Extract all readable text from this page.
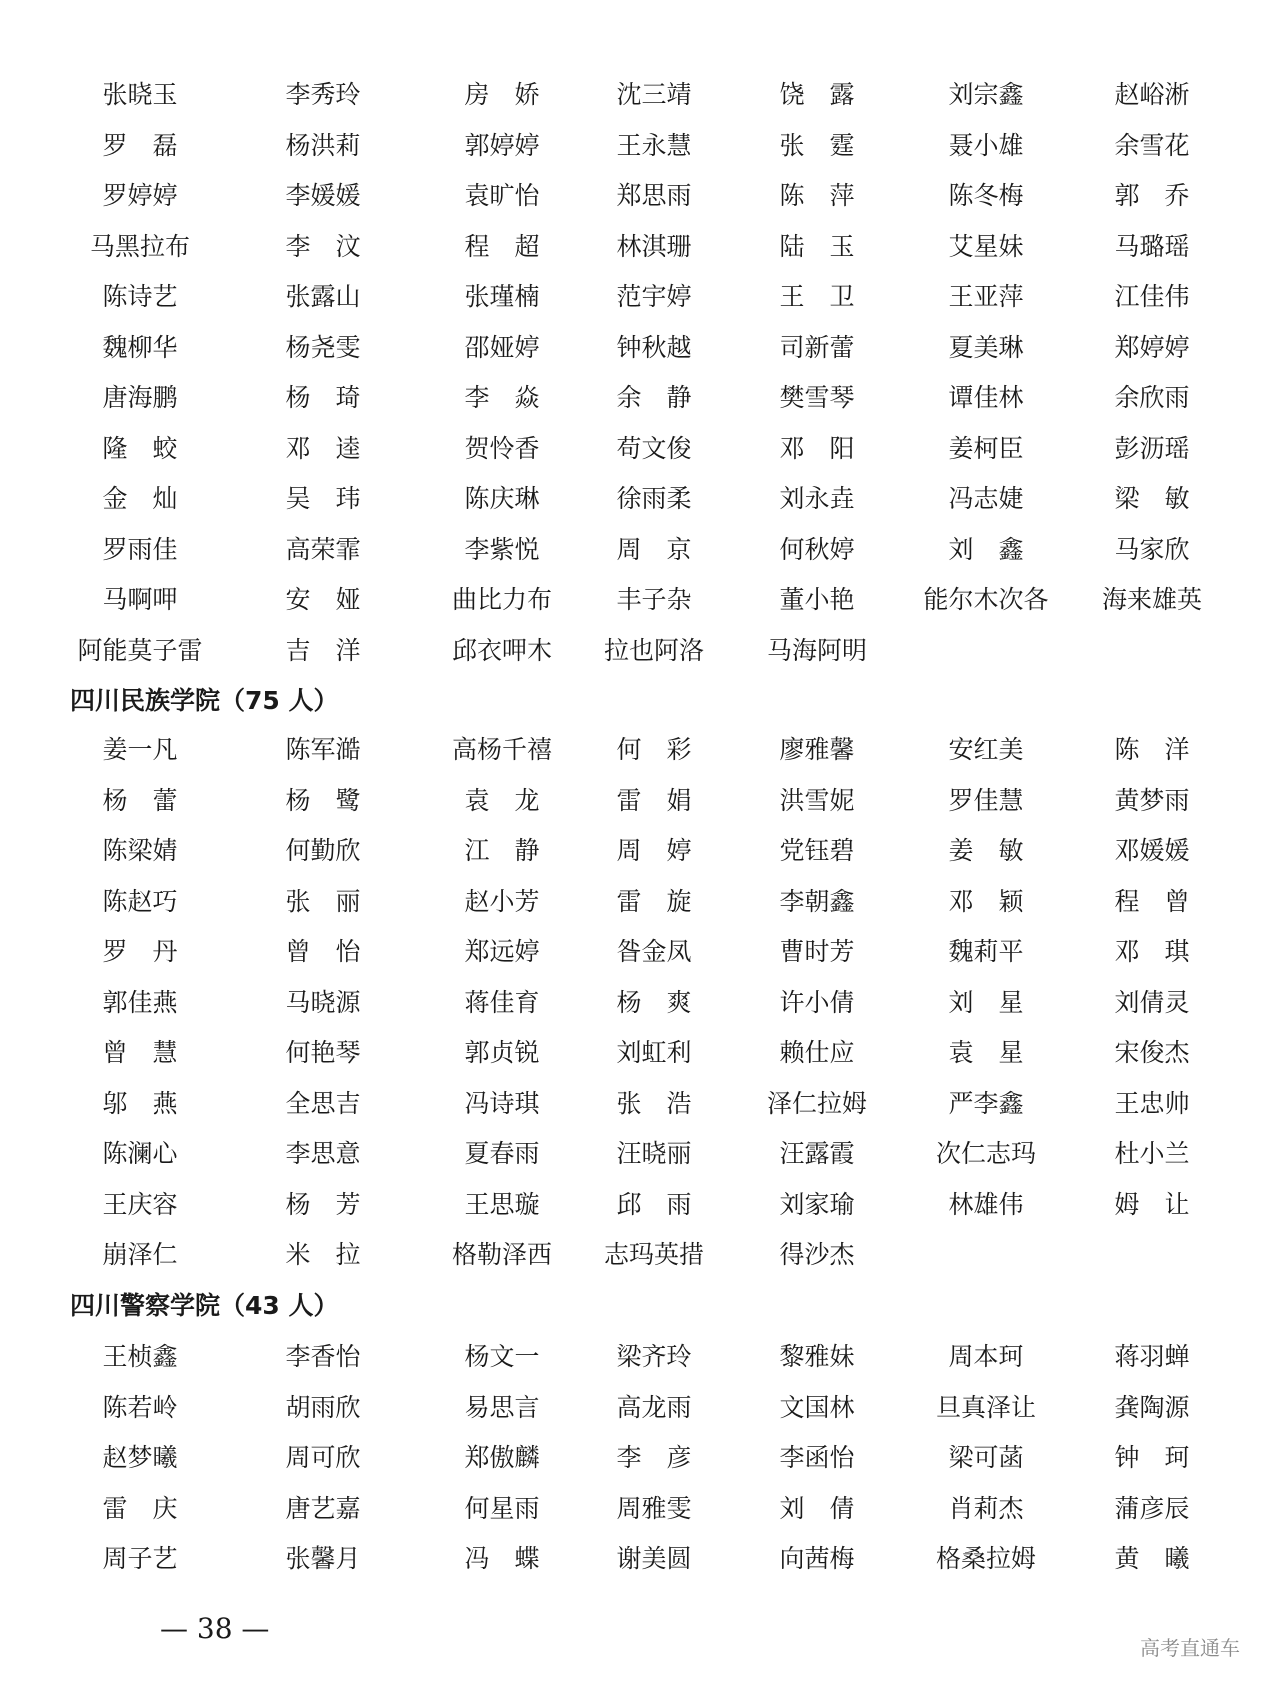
— 38 —
高考直通车
张晓玉	李秀玲	房　娇	沈三靖	饶　露	刘宗鑫	赵峪淅
罗　磊	杨洪莉	郭婷婷	王永慧	张　霆	聂小雄	余雪花
罗婷婷	李媛媛	袁旷怡	郑思雨	陈　萍	陈冬梅	郭　乔
马黑拉布	李　汶	程　超	林淇珊	陆　玉	艾星妹	马璐瑶
陈诗艺	张露山	张瑾楠	范宇婷	王　卫	王亚萍	江佳伟
魏柳华	杨尧雯	邵娅婷	钟秋越	司新蕾	夏美琳	郑婷婷
唐海鹏	杨　琦	李　焱	余　静	樊雪琴	谭佳林	余欣雨
隆　蛟	邓　逵	贺怜香	苟文俊	邓　阳	姜柯臣	彭沥瑶
金　灿	吴　玮	陈庆琳	徐雨柔	刘永垚	冯志婕	梁　敏
罗雨佳	高荣霏	李紫悦	周　京	何秋婷	刘　鑫	马家欣
马啊呷	安　娅	曲比力布	丰子杂	董小艳	能尔木次各	海来雄英
阿能莫子雷	吉　洋	邱衣呷木	拉也阿洛	马海阿明
四川民族学院（75 人）
姜一凡	陈军澔	高杨千禧	何　彩	廖雅馨	安红美	陈　洋
杨　蕾	杨　鹭	袁　龙	雷　娟	洪雪妮	罗佳慧	黄梦雨
陈梁婧	何勤欣	江　静	周　婷	党钰碧	姜　敏	邓媛媛
陈赵巧	张　丽	赵小芳	雷　旋	李朝鑫	邓　颖	程　曾
罗　丹	曾　怡	郑远婷	昝金凤	曹时芳	魏莉平	邓　琪
郭佳燕	马晓源	蒋佳育	杨　爽	许小倩	刘　星	刘倩灵
曾　慧	何艳琴	郭贞锐	刘虹利	赖仕应	袁　星	宋俊杰
邬　燕	全思吉	冯诗琪	张　浩	泽仁拉姆	严李鑫	王忠帅
陈澜心	李思意	夏春雨	汪晓丽	汪露霞	次仁志玛	杜小兰
王庆容	杨　芳	王思璇	邱　雨	刘家瑜	林雄伟	姆　让
崩泽仁	米　拉	格勒泽西	志玛英措	得沙杰
四川警察学院（43 人）
王桢鑫	李香怡	杨文一	梁齐玲	黎雅妹	周本珂	蒋羽蝉
陈若岭	胡雨欣	易思言	高龙雨	文国林	旦真泽让	龚陶源
赵梦曦	周可欣	郑傲麟	李　彦	李函怡	梁可菡	钟　珂
雷　庆	唐艺嘉	何星雨	周雅雯	刘　倩	肖莉杰	蒲彦辰
周子艺	张馨月	冯　蝶	谢美圆	向茜梅	格桑拉姆	黄　曦
